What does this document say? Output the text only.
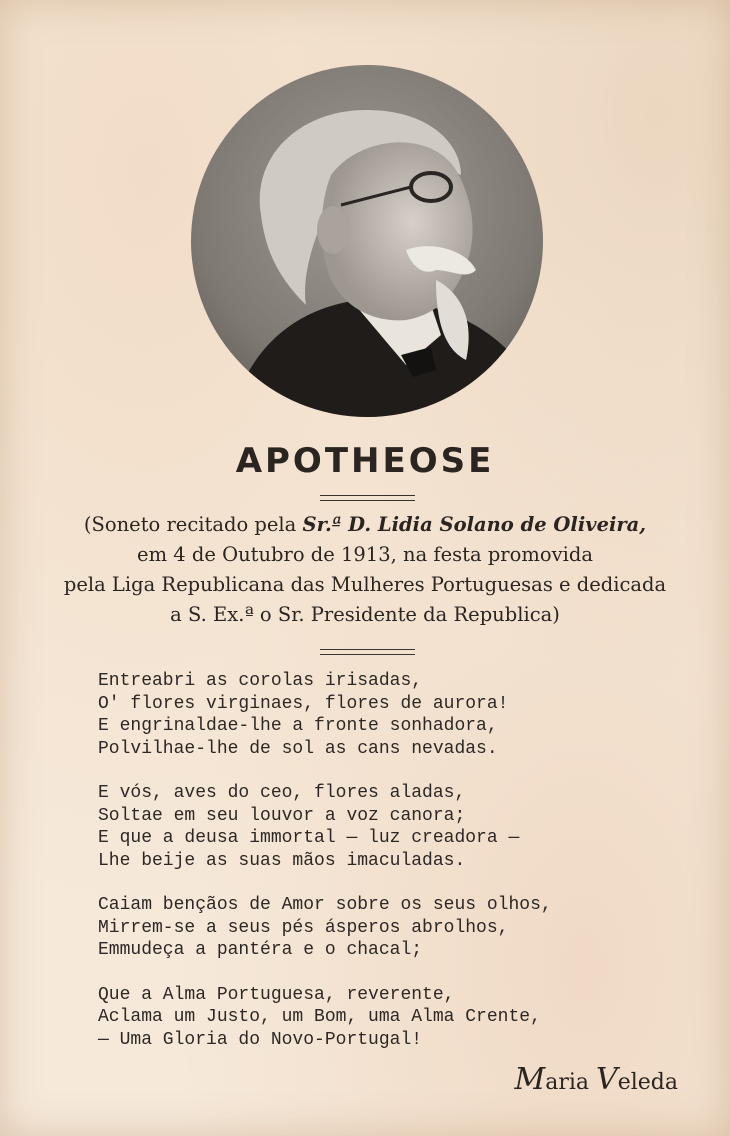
APOTHEOSE
(Soneto recitado pela Sr.ª D. Lidia Solano de Oliveira,
em 4 de Outubro de 1913, na festa promovida
pela Liga Republicana das Mulheres Portuguesas e dedicada
a S. Ex.ª o Sr. Presidente da Republica)
Entreabri as corolas irisadas,
O' flores virginaes, flores de aurora!
E engrinaldae-lhe a fronte sonhadora,
Polvilhae-lhe de sol as cans nevadas.
E vós, aves do ceo, flores aladas,
Soltae em seu louvor a voz canora;
E que a deusa immortal — luz creadora —
Lhe beije as suas mãos imaculadas.
Caiam bençãos de Amor sobre os seus olhos,
Mirrem-se a seus pés ásperos abrolhos,
Emmudeça a pantéra e o chacal;
Que a Alma Portuguesa, reverente,
Aclama um Justo, um Bom, uma Alma Crente,
— Uma Gloria do Novo-Portugal!
Maria Veleda
